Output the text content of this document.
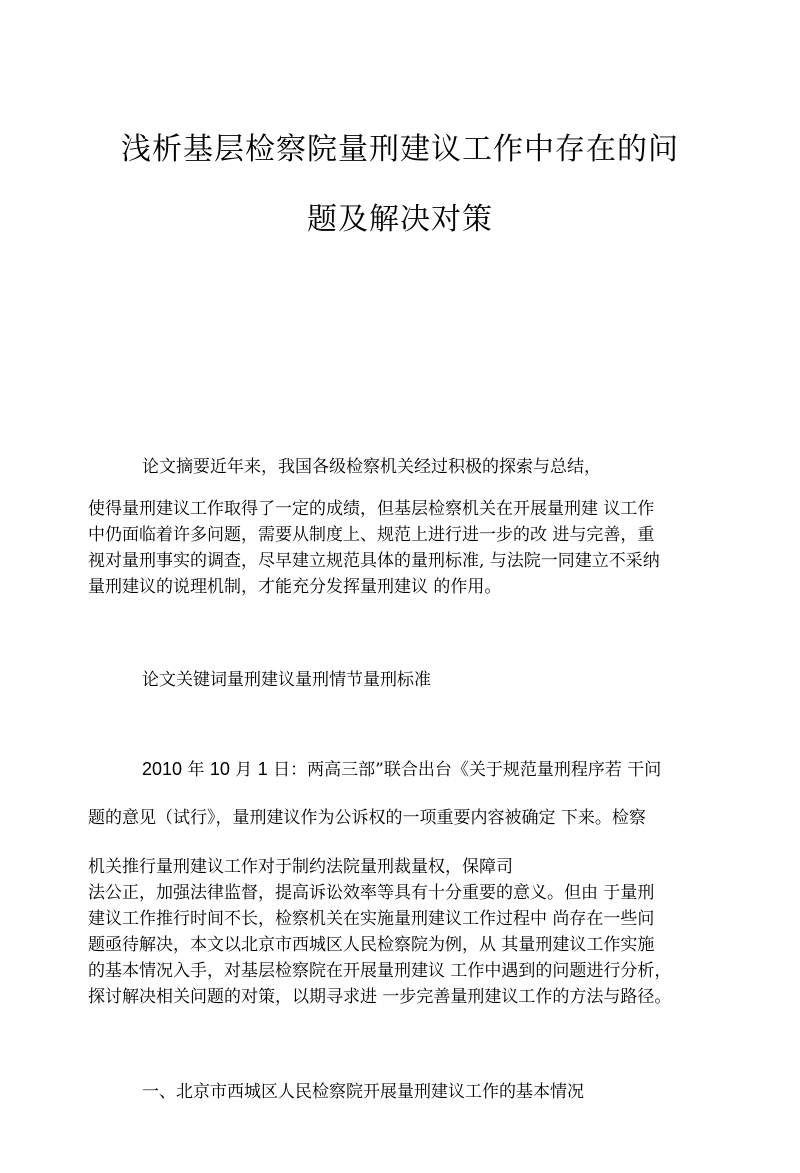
浅析基层检察院量刑建议工作中存在的问
题及解决对策
论文摘要近年来，我国各级检察机关经过积极的探索与总结，
使得量刑建议工作取得了一定的成绩，但基层检察机关在开展量刑建 议工作
中仍面临着许多问题，需要从制度上、规范上进行进一步的改 进与完善，重
视对量刑事实的调查，尽早建立规范具体的量刑标准, 与法院一同建立不采纳
量刑建议的说理机制，才能充分发挥量刑建议 的作用。
论文关键词量刑建议量刑情节量刑标准
2010 年 10 月 1 日：两高三部”联合出台《关于规范量刑程序若 干问
题的意见（试行》，量刑建议作为公诉权的一项重要内容被确定 下来。检察
机关推行量刑建议工作对于制约法院量刑裁量权，保障司
法公正，加强法律监督，提高诉讼效率等具有十分重要的意义。但由 于量刑
建议工作推行时间不长，检察机关在实施量刑建议工作过程中 尚存在一些问
题亟待解决，本文以北京市西城区人民检察院为例，从 其量刑建议工作实施
的基本情况入手，对基层检察院在开展量刑建议 工作中遇到的问题进行分析，
探讨解决相关问题的对策，以期寻求进 一步完善量刑建议工作的方法与路径。
一、北京市西城区人民检察院开展量刑建议工作的基本情况
